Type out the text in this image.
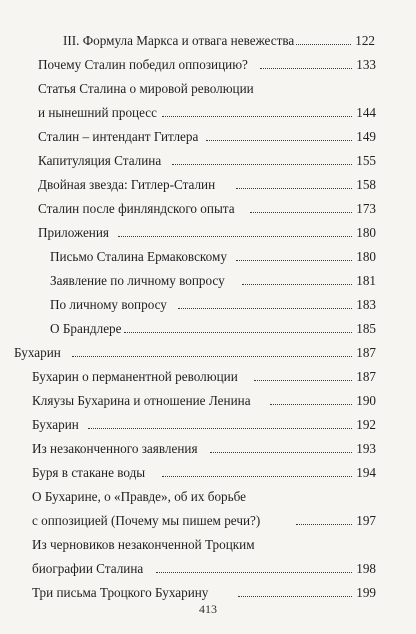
III. Формула Маркса и отвага невежества	122
Почему Сталин победил оппозицию?	133
Статья Сталина о мировой революции
и нынешний процесс	144
Сталин – интендант Гитлера	149
Капитуляция Сталина	155
Двойная звезда: Гитлер-Сталин	158
Сталин после финляндского опыта	173
Приложения	180
Письмо Сталина Ермаковскому	180
Заявление по личному вопросу	181
По личному вопросу	183
О Брандлере	185
Бухарин	187
Бухарин о перманентной революции	187
Кляузы Бухарина и отношение Ленина	190
Бухарин	192
Из незаконченного заявления	193
Буря в стакане воды	194
О Бухарине, о «Правде», об их борьбе
с оппозицией (Почему мы пишем речи?)	197
Из черновиков незаконченной Троцким
биографии Сталина	198
Три письма Троцкого Бухарину	199
413
